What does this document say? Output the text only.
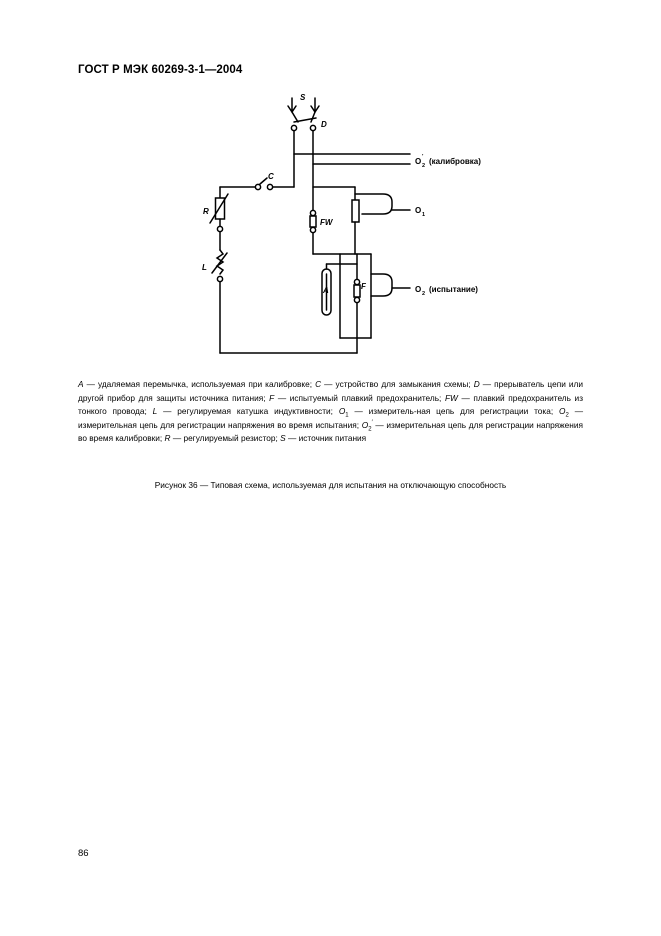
ГОСТ Р МЭК 60269-3-1—2004
S
D
C
R
L
FW
A	F
O 2
′ (калибровка)
O 1
O 2 (испытание)
A — удаляемая перемычка, используемая при калибровке; C — устройство для замыкания схемы; D — прерыватель цепи или другой прибор для защиты источника питания; F — испытуемый плавкий предохранитель; FW — плавкий предохранитель из тонкого провода; L — регулируемая катушка индуктивности; $O_1$ — измеритель-ная цепь для регистрации тока; $O_2$ — измерительная цепь для регистрации напряжения во время испытания; $O_2'$ — измерительная цепь для регистрации напряжения во время калибровки; R — регулируемый резистор; S — источник питания
Рисунок 36 — Типовая схема, используемая для испытания на отключающую способность
86
